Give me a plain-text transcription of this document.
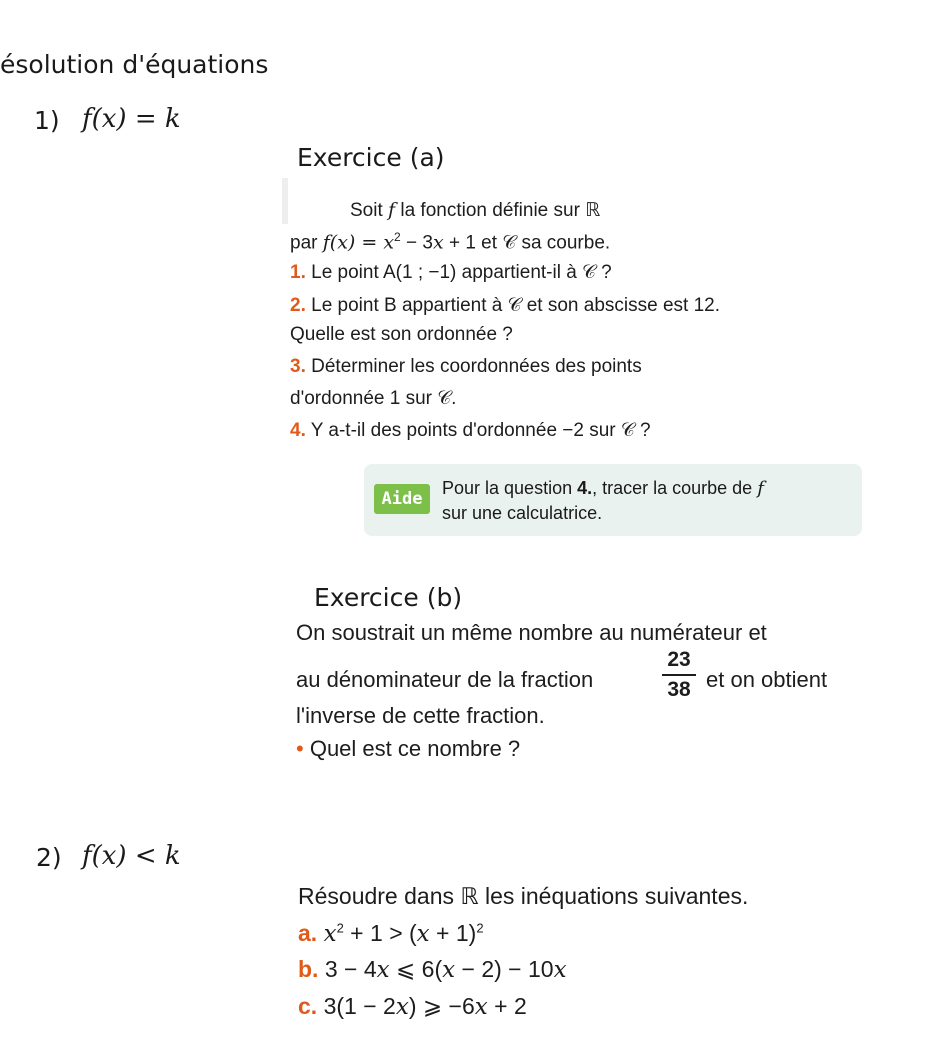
ésolution d'équations
1) f(x) = k
Exercice (a)
Soit f la fonction définie sur ℝ
par $f(x) = x^2 - 3x + 1$ et 𝒞 sa courbe.
1. Le point A(1 ; −1) appartient-il à 𝒞 ?
2. Le point B appartient à 𝒞 et son abscisse est 12.
Quelle est son ordonnée ?
3. Déterminer les coordonnées des points
d'ordonnée 1 sur 𝒞.
4. Y a-t-il des points d'ordonnée −2 sur 𝒞 ?
Aide
Pour la question 4., tracer la courbe de f
sur une calculatrice.
Exercice (b)
On soustrait un même nombre au numérateur et
au dénominateur de la fraction
23
38 et on obtient
l'inverse de cette fraction.
• Quel est ce nombre ?
2) f(x) < k
Résoudre dans ℝ les inéquations suivantes.
a. $x^2 + 1 > (x + 1)^2$
b. 3 − 4x ⩽ 6(x − 2) − 10x
c. 3(1 − 2x) ⩾ −6x + 2
